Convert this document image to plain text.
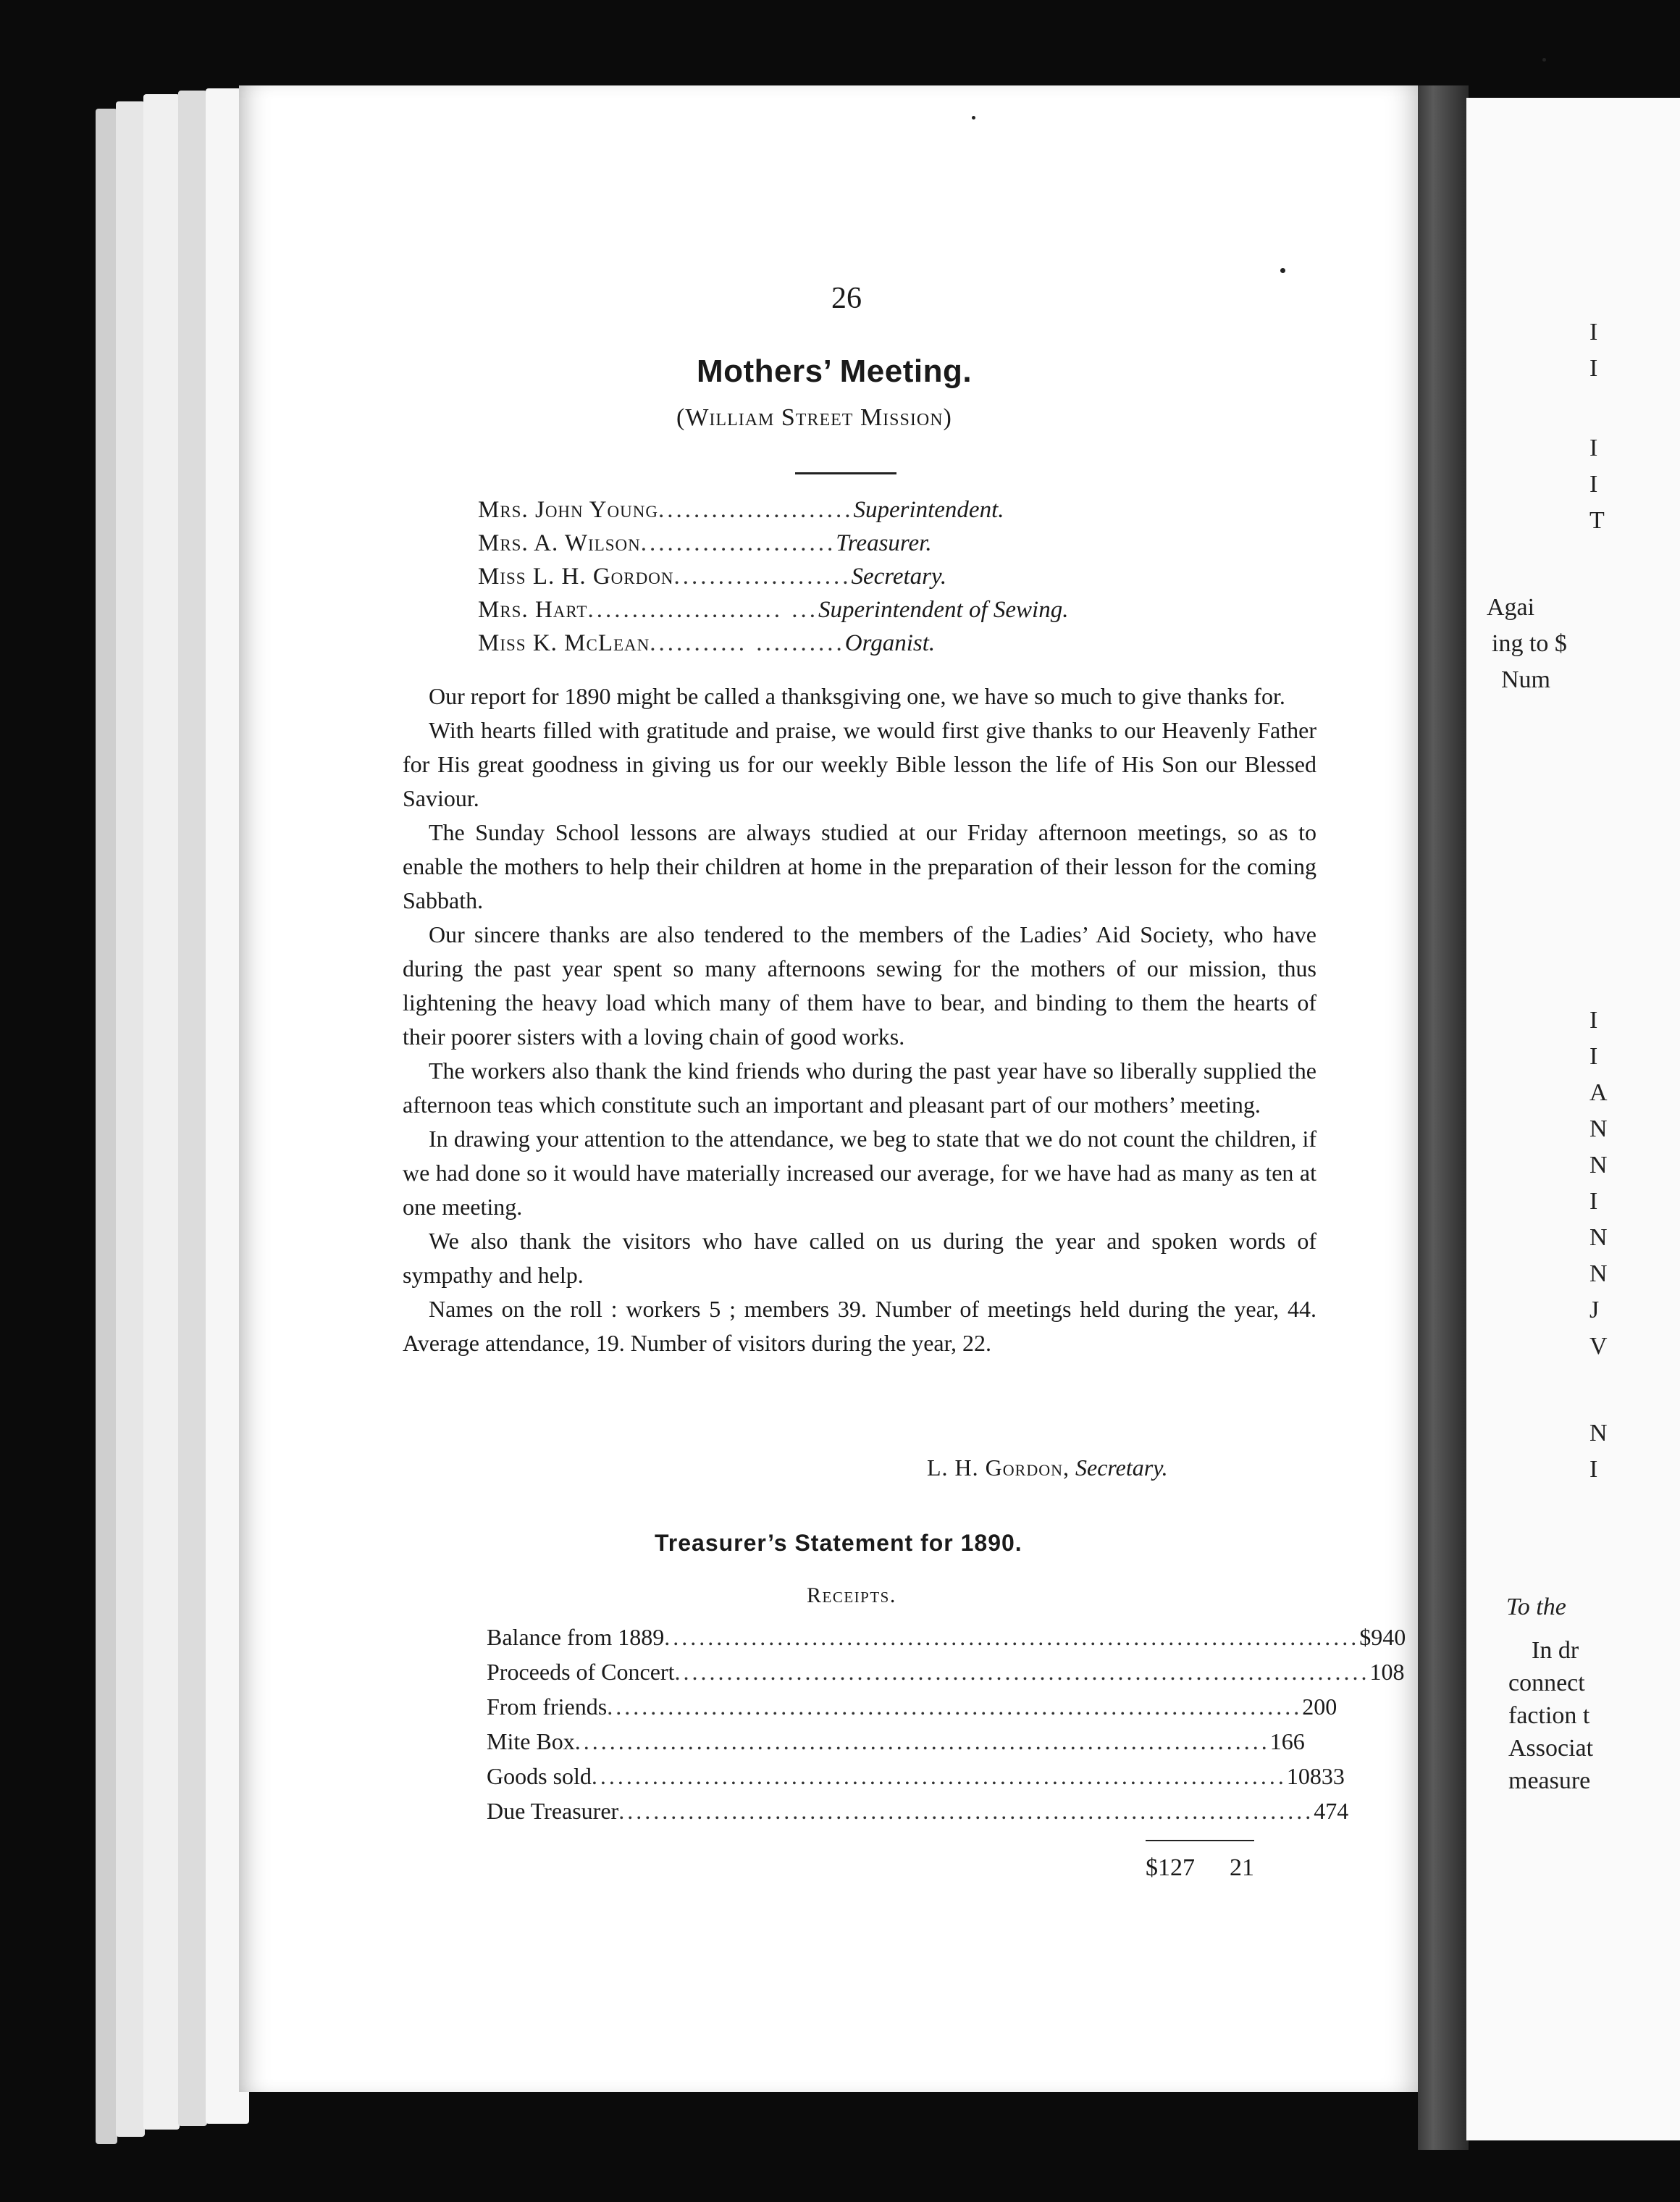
I
I
I
I
T
Agai
ing to $
Num
I
I
A
N
N
I
N
N
J
V
N
I
To the
In dr
connect
faction t
Associat
measure
26
Mothers’ Meeting.
(William Street Mission)
Mrs. John Young ...................... Superintendent.
Mrs. A. Wilson ...................... Treasurer.
Miss L. H. Gordon .................... Secretary.
Mrs. Hart ...................... ... Superintendent of Sewing.
Miss K. McLean ........... .......... Organist.

Our report for 1890 might be called a thanksgiving one, we have so much to give thanks for.

With hearts filled with gratitude and praise, we would first give thanks to our Heavenly Father for His great goodness in giving us for our weekly Bible lesson the life of His Son our Blessed Saviour.

The Sunday School lessons are always studied at our Friday afternoon meetings, so as to enable the mothers to help their children at home in the preparation of their lesson for the coming Sabbath.

Our sincere thanks are also tendered to the members of the Ladies’ Aid Society, who have during the past year spent so many afternoons sewing for the mothers of our mission, thus lightening the heavy load which many of them have to bear, and binding to them the hearts of their poorer sisters with a loving chain of good works.

The workers also thank the kind friends who during the past year have so liberally supplied the afternoon teas which constitute such an important and pleasant part of our mothers’ meeting.

In drawing your attention to the attendance, we beg to state that we do not count the children, if we had done so it would have materially increased our average, for we have had as many as ten at one meeting.

We also thank the visitors who have called on us during the year and spoken words of sympathy and help.

Names on the roll : workers 5 ; members 39. Number of meetings held during the year, 44. Average attendance, 19. Number of visitors during the year, 22.

L. H. Gordon, Secretary.
Treasurer’s Statement for 1890.
Receipts.
Balance from 1889 ................................................................................ $ 9 40
Proceeds of Concert ................................................................................ 1 08
From friends ................................................................................ 2 00
Mite Box ................................................................................ 1 66
Goods sold ................................................................................ 108 33
Due Treasurer ................................................................................ 4 74
$127 21
